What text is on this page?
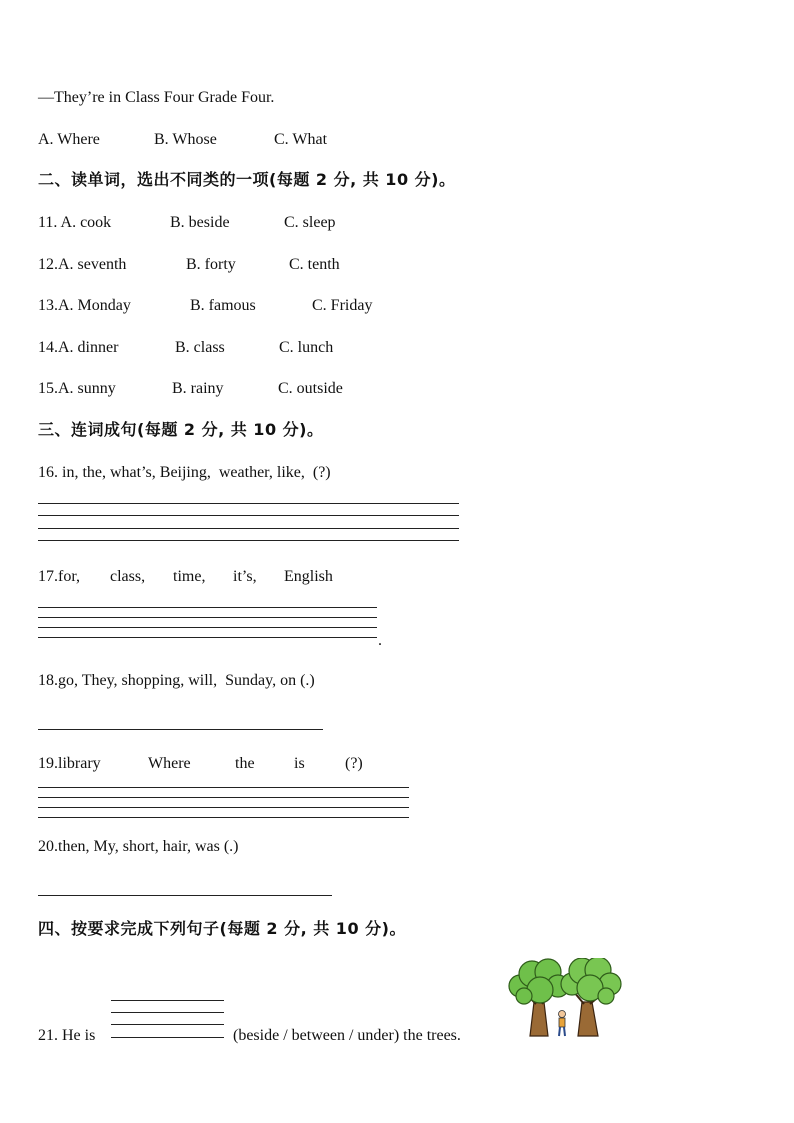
—They’re in Class Four Grade Four.
A. Where	B. Whose	C. What
二、读单词，选出不同类的一项(每题 2 分, 共 10 分)。
11. A. cook	B. beside	C. sleep
12.A. seventh	B. forty	C. tenth
13.A. Monday	B. famous	C. Friday
14.A. dinner	B. class	C. lunch
15.A. sunny	B. rainy	C. outside
三、连词成句(每题 2 分, 共 10 分)。
16. in, the, what’s, Beijing,  weather, like,  (?)
17.for, class, time, it’s, English
.
18.go, They, shopping, will,  Sunday, on (.)
19.library	Where	the is	(?)
20.then, My, short, hair, was (.)
四、按要求完成下列句子(每题 2 分, 共 10 分)。
21. He is	(beside / between / under) the trees.
